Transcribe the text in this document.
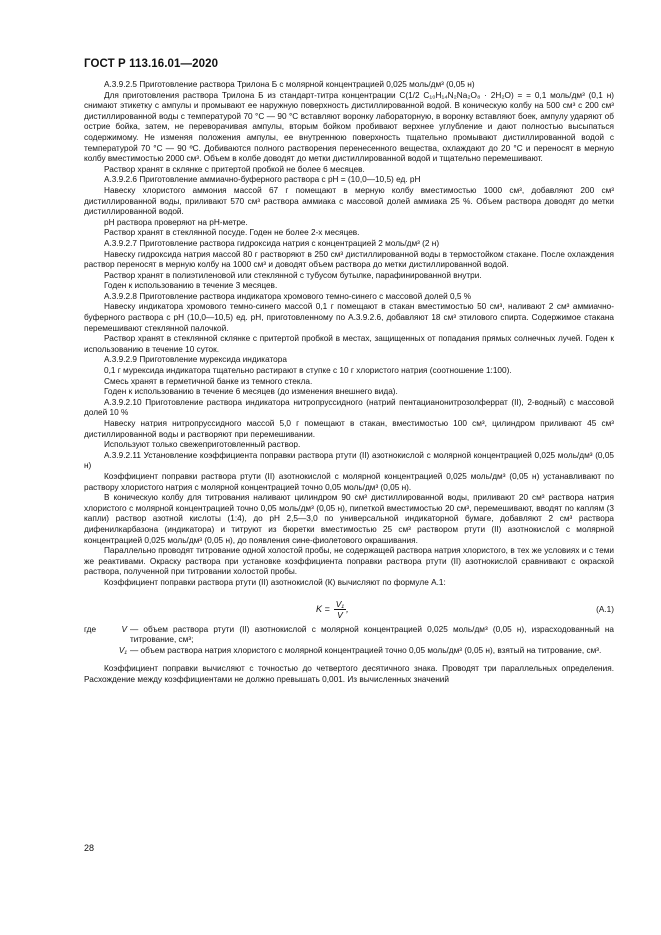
ГОСТ Р 113.16.01—2020

А.3.9.2.5 Приготовление раствора Трилона Б с молярной концентрацией 0,025 моль/дм³ (0,05 н)

Для приготовления раствора Трилона Б из стандарт-титра концентрации С(1/2 С₁₀Н₁₄N₂Na₂O₈ · 2Н₂О) = = 0,1 моль/дм³ (0,1 н) снимают этикетку с ампулы и промывают ее наружную поверхность дистиллированной водой. В коническую колбу на 500 см³ с 200 см³ дистиллированной воды с температурой 70 °С — 90 °С вставляют воронку лабораторную, в воронку вставляют боек, ампулу ударяют об острие бойка, затем, не переворачивая ампулы, вторым бойком пробивают верхнее углубление и дают полностью высыпаться содержимому. Не изменяя положения ампулы, ее внутреннюю поверхность тщательно промывают дистиллированной водой с температурой 70 °С — 90 ºС. Добиваются полного растворения перенесенного вещества, охлаждают до 20 °С и переносят в мерную колбу вместимостью 2000 см³. Объем в колбе доводят до метки дистиллированной водой и тщательно перемешивают.

Раствор хранят в склянке с притертой пробкой не более 6 месяцев.

А.3.9.2.6 Приготовление аммиачно-буферного раствора с рН = (10,0—10,5) ед. рН

Навеску хлористого аммония массой 67 г помещают в мерную колбу вместимостью 1000 см³, добавляют 200 см³ дистиллированной воды, приливают 570 см³ раствора аммиака с массовой долей аммиака 25 %. Объем раствора доводят до метки дистиллированной водой.

рН раствора проверяют на рН-метре.

Раствор хранят в стеклянной посуде. Годен не более 2-х месяцев.

А.3.9.2.7 Приготовление раствора гидроксида натрия с концентрацией 2 моль/дм³ (2 н)

Навеску гидроксида натрия массой 80 г растворяют в 250 см³ дистиллированной воды в термостойком стакане. После охлаждения раствор переносят в мерную колбу на 1000 см³ и доводят объем раствора до метки дистиллированной водой.

Раствор хранят в полиэтиленовой или стеклянной с тубусом бутылке, парафинированной внутри.

Годен к использованию в течение 3 месяцев.

А.3.9.2.8 Приготовление раствора индикатора хромового темно-синего с массовой долей 0,5 %

Навеску индикатора хромового темно-синего массой 0,1 г помещают в стакан вместимостью 50 см³, наливают 2 см³ аммиачно-буферного раствора с рН (10,0—10,5) ед. рН, приготовленному по А.3.9.2.6, добавляют 18 см³ этилового спирта. Содержимое стакана перемешивают стеклянной палочкой.

Раствор хранят в стеклянной склянке с притертой пробкой в местах, защищенных от попадания прямых солнечных лучей. Годен к использованию в течение 10 суток.

А.3.9.2.9 Приготовление мурексида индикатора

0,1 г мурексида индикатора тщательно растирают в ступке с 10 г хлористого натрия (соотношение 1:100).

Смесь хранят в герметичной банке из темного стекла.

Годен к использованию в течение 6 месяцев (до изменения внешнего вида).

А.3.9.2.10 Приготовление раствора индикатора нитропруссидного (натрий пентацианонитрозолферрат (II), 2-водный) с массовой долей 10 %

Навеску натрия нитропруссидного массой 5,0 г помещают в стакан, вместимостью 100 см³, цилиндром приливают 45 см³ дистиллированной воды и растворяют при перемешивании.

Используют только свежеприготовленный раствор.

А.3.9.2.11 Установление коэффициента поправки раствора ртути (II) азотнокислой с молярной концентрацией 0,025 моль/дм³ (0,05 н)

Коэффициент поправки раствора ртути (II) азотнокислой с молярной концентрацией 0,025 моль/дм³ (0,05 н) устанавливают по раствору хлористого натрия с молярной концентрацией точно 0,05 моль/дм³ (0,05 н).

В коническую колбу для титрования наливают цилиндром 90 см³ дистиллированной воды, приливают 20 см³ раствора натрия хлористого с молярной концентрацией точно 0,05 моль/дм³ (0,05 н), пипеткой вместимостью 20 см³, перемешивают, вводят по каплям (3 капли) раствор азотной кислоты (1:4), до рН 2,5—3,0 по универсальной индикаторной бумаге, добавляют 2 см³ раствора дифенилкарбазона (индикатора) и титруют из бюретки вместимостью 25 см³ раствором ртути (II) азотнокислой с молярной концентрацией 0,025 моль/дм³ (0,05 н), до появления сине-фиолетового окрашивания.

Параллельно проводят титрование одной холостой пробы, не содержащей раствора натрия хлористого, в тех же условиях и с теми же реактивами. Окраску раствора при установке коэффициента поправки раствора ртути (II) азотнокислой сравнивают с окраской раствора, полученной при титровании холостой пробы.

Коэффициент поправки раствора ртути (II) азотнокислой (К) вычисляют по формуле А.1:

$K = \frac{\text{V₁}}{V}$ ,	(A.1)
где	V — объем раствора ртути (II) азотнокислой с молярной концентрацией 0,025 моль/дм³ (0,05 н), израсходованный на титрование, см³;
V₁ — объем раствора натрия хлористого с молярной концентрацией точно 0,05 моль/дм³ (0,05 н), взятый на титрование, см³.

Коэффициент поправки вычисляют с точностью до четвертого десятичного знака. Проводят три параллельных определения. Расхождение между коэффициентами не должно превышать 0,001. Из вычисленных значений

28
